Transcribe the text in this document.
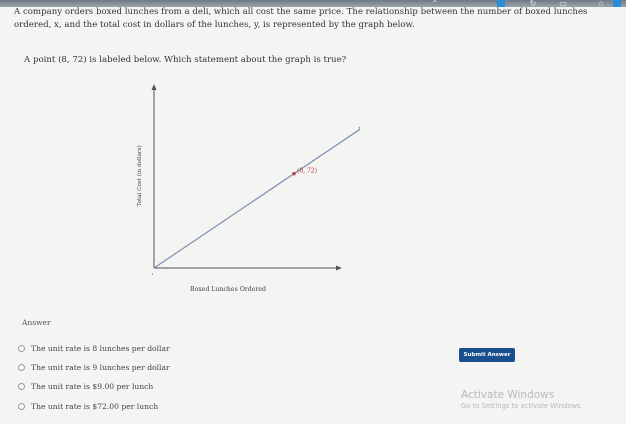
⌃	↻	▭	☆

A company orders boxed lunches from a deli, which all cost the same price. The relationship between the number of boxed lunches ordered, x, and the total cost in dollars of the lunches, y, is represented by the graph below.

A point (8, 72) is labeled below. Which statement about the graph is true?

•
(8, 72)
Boxed Lunches Ordered
Total Cost (in dollars)
Answer
The unit rate is 8 lunches per dollar
The unit rate is 9 lunches per dollar
The unit rate is $9.00 per lunch
The unit rate is $72.00 per lunch
Submit Answer
Activate Windows
Go to Settings to activate Windows.
